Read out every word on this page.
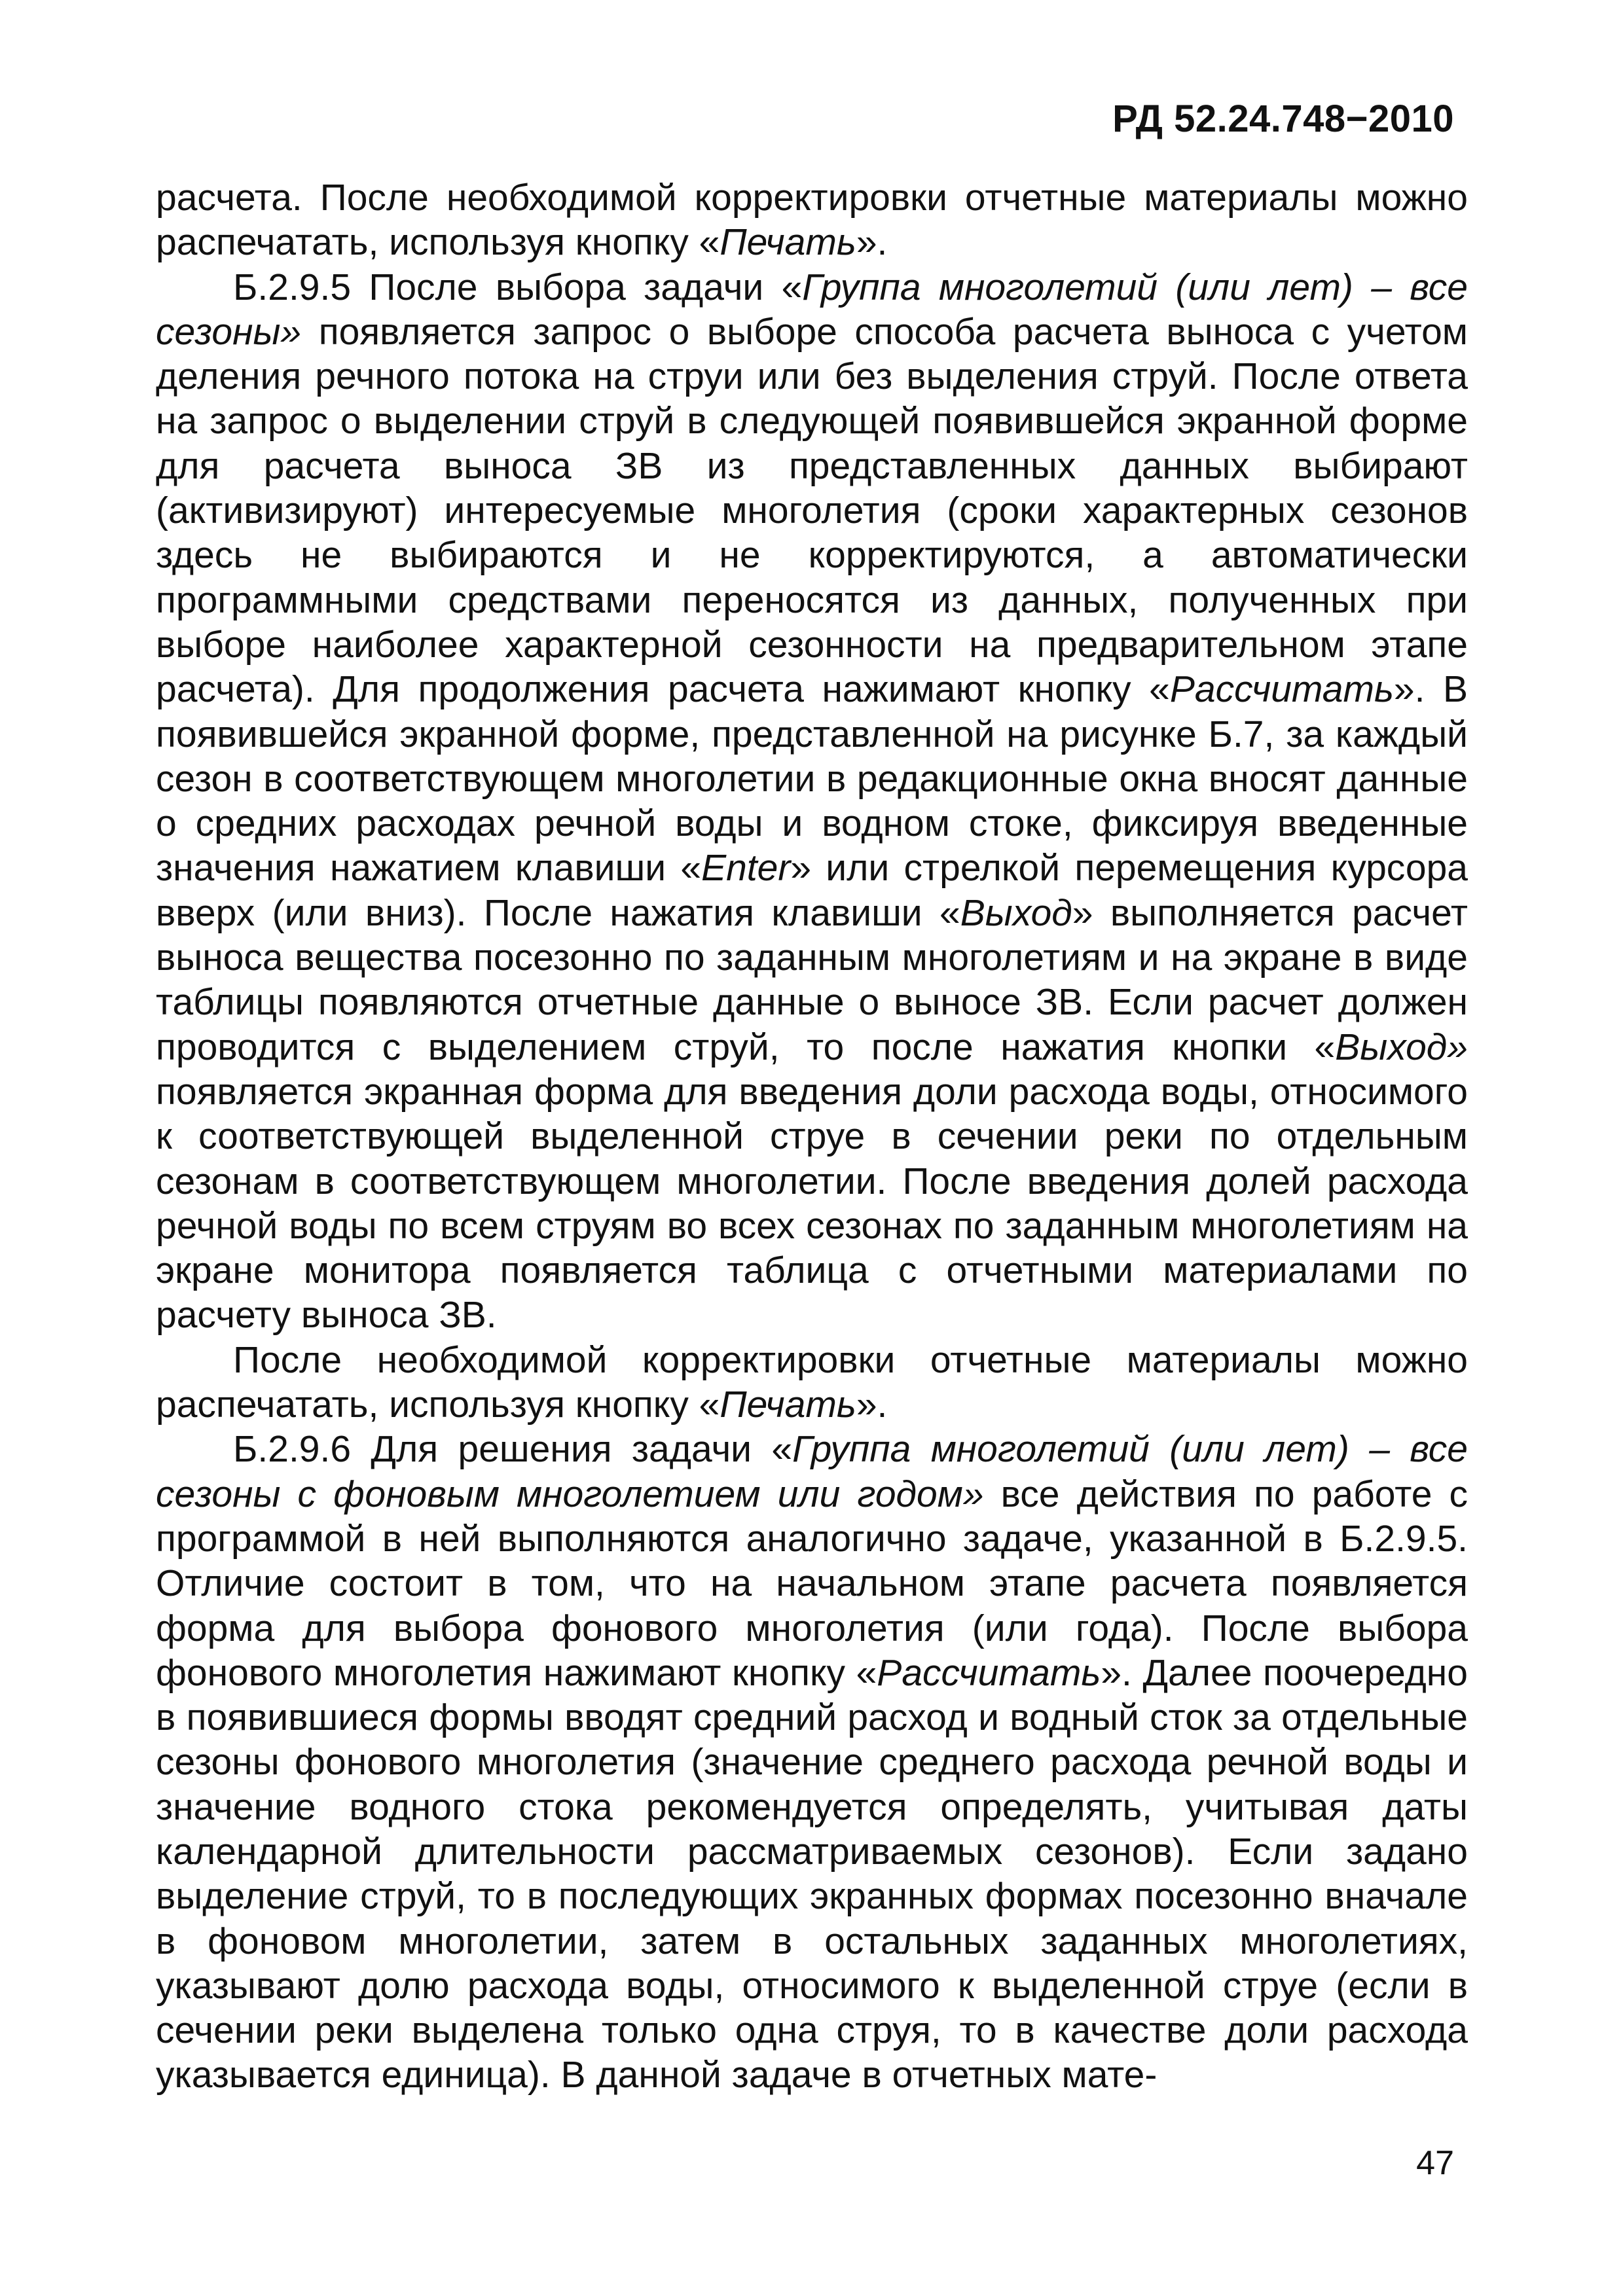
РД 52.24.748−2010

расчета. После необходимой корректировки отчетные материалы можно распечатать, используя кнопку «Печать».

Б.2.9.5 После выбора задачи «Группа многолетий (или лет) – все сезоны» появляется запрос о выборе способа расчета выноса с учетом деления речного потока на струи или без выделения струй. После ответа на запрос о выделении струй в следующей появившейся экранной форме для расчета выноса ЗВ из представленных данных выбирают (активизируют) интересуемые многолетия (сроки характерных сезонов здесь не выбираются и не корректируются, а автоматически программными средствами переносятся из данных, полученных при выборе наиболее характерной сезонности на предварительном этапе расчета). Для продолжения расчета нажимают кнопку «Рассчитать». В появившейся экранной форме, представленной на рисунке Б.7, за каждый сезон в соответствующем многолетии в редакционные окна вносят данные о средних расходах речной воды и водном стоке, фиксируя введенные значения нажатием клавиши «Enter» или стрелкой перемещения курсора вверх (или вниз). После нажатия клавиши «Выход» выполняется расчет выноса вещества посезонно по заданным многолетиям и на экране в виде таблицы появляются отчетные данные о выносе ЗВ. Если расчет должен проводится с выделением струй, то после нажатия кнопки «Выход» появляется экранная форма для введения доли расхода воды, относимого к соответствующей выделенной струе в сечении реки по отдельным сезонам в соответствующем многолетии. После введения долей расхода речной воды по всем струям во всех сезонах по заданным многолетиям на экране монитора появляется таблица с отчетными материалами по расчету выноса ЗВ.

После необходимой корректировки отчетные материалы можно распечатать, используя кнопку «Печать».

Б.2.9.6 Для решения задачи «Группа многолетий (или лет) – все сезоны с фоновым многолетием или годом» все действия по работе с программой в ней выполняются аналогично задаче, указанной в Б.2.9.5. Отличие состоит в том, что на начальном этапе расчета появляется форма для выбора фонового многолетия (или года). После выбора фонового многолетия нажимают кнопку «Рассчитать». Далее поочередно в появившиеся формы вводят средний расход и водный сток за отдельные сезоны фонового многолетия (значение среднего расхода речной воды и значение водного стока рекомендуется определять, учитывая даты календарной длительности рассматриваемых сезонов). Если задано выделение струй, то в последующих экранных формах посезонно вначале в фоновом многолетии, затем в остальных заданных многолетиях, указывают долю расхода воды, относимого к выделенной струе (если в сечении реки выделена только одна струя, то в качестве доли расхода указывается единица). В данной задаче в отчетных мате-

47
